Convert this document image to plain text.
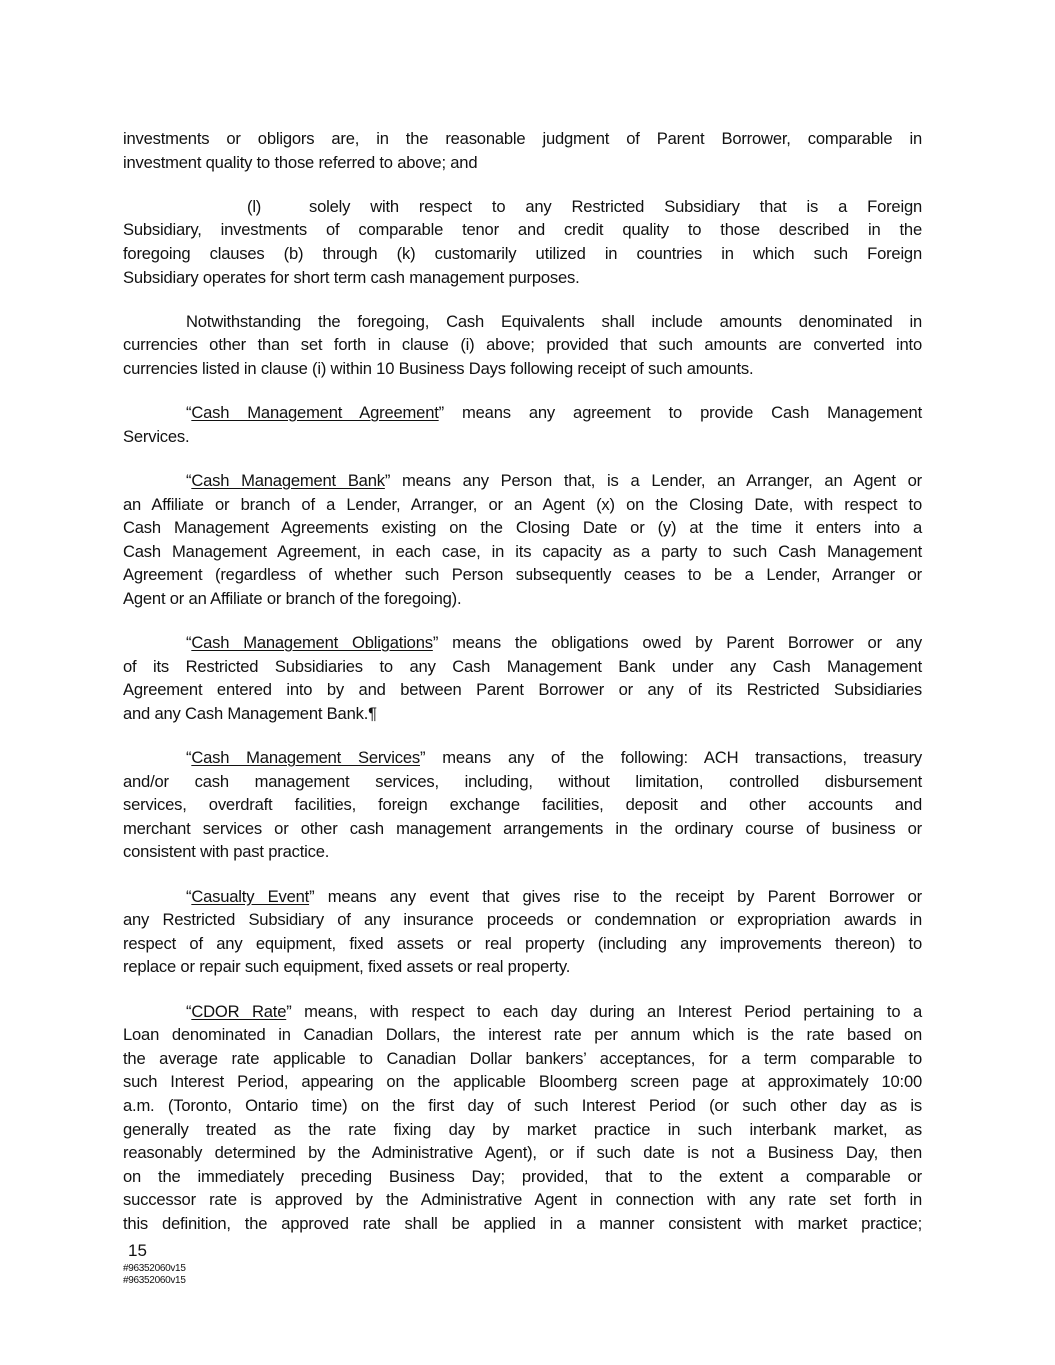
investments or obligors are, in the reasonable judgment of Parent Borrower, comparable in
investment quality to those referred to above; and
(l)	solely with respect to any Restricted Subsidiary that is a Foreign
Subsidiary, investments of comparable tenor and credit quality to those described in the
foregoing clauses (b) through (k) customarily utilized in countries in which such Foreign
Subsidiary operates for short term cash management purposes.
Notwithstanding the foregoing, Cash Equivalents shall include amounts denominated in
currencies other than set forth in clause (i) above; provided that such amounts are converted into
currencies listed in clause (i) within 10 Business Days following receipt of such amounts.
“Cash Management Agreement” means any agreement to provide Cash Management
Services.
“Cash Management Bank” means any Person that, is a Lender, an Arranger, an Agent or
an Affiliate or branch of a Lender, Arranger, or an Agent (x) on the Closing Date, with respect to
Cash Management Agreements existing on the Closing Date or (y) at the time it enters into a
Cash Management Agreement, in each case, in its capacity as a party to such Cash Management
Agreement (regardless of whether such Person subsequently ceases to be a Lender, Arranger or
Agent or an Affiliate or branch of the foregoing).
“Cash Management Obligations” means the obligations owed by Parent Borrower or any
of its Restricted Subsidiaries to any Cash Management Bank under any Cash Management
Agreement entered into by and between Parent Borrower or any of its Restricted Subsidiaries
and any Cash Management Bank.¶
“Cash Management Services” means any of the following: ACH transactions, treasury
and/or cash management services, including, without limitation, controlled disbursement
services, overdraft facilities, foreign exchange facilities, deposit and other accounts and
merchant services or other cash management arrangements in the ordinary course of business or
consistent with past practice.
“Casualty Event” means any event that gives rise to the receipt by Parent Borrower or
any Restricted Subsidiary of any insurance proceeds or condemnation or expropriation awards in
respect of any equipment, fixed assets or real property (including any improvements thereon) to
replace or repair such equipment, fixed assets or real property.
“CDOR Rate” means, with respect to each day during an Interest Period pertaining to a
Loan denominated in Canadian Dollars, the interest rate per annum which is the rate based on
the average rate applicable to Canadian Dollar bankers’ acceptances, for a term comparable to
such Interest Period, appearing on the applicable Bloomberg screen page at approximately 10:00
a.m. (Toronto, Ontario time) on the first day of such Interest Period (or such other day as is
generally treated as the rate fixing day by market practice in such interbank market, as
reasonably determined by the Administrative Agent), or if such date is not a Business Day, then
on the immediately preceding Business Day; provided, that to the extent a comparable or
successor rate is approved by the Administrative Agent in connection with any rate set forth in
this definition, the approved rate shall be applied in a manner consistent with market practice;
15
#96352060v15
#96352060v15
